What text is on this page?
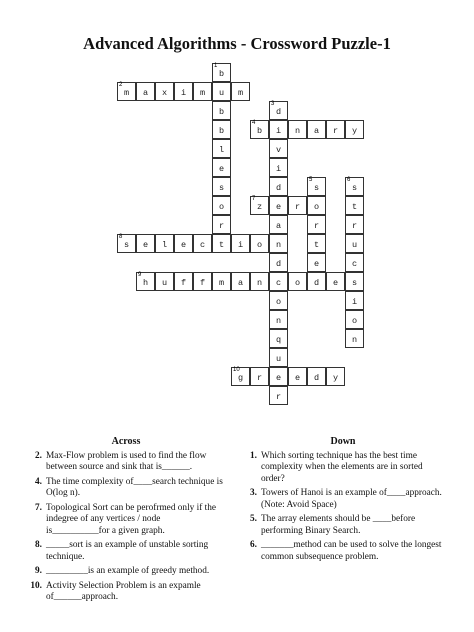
Advanced Algorithms - Crossword Puzzle-1
1
b
2
m	a	x	i	m	u	m
b
3
d
b
4
b	i	n	a	r	y
l	v
e	i
s	d
5
s
6
s
o
7
z	e	r	o	t
r	a	r	r
8
s	e	l	e	c	t	i	o	n	t	u
d	e	c
9
h	u	f	f	m	a	n	c	o	d	e	s
o	i
n	o
q	n
u
10
g	r	e	e	d	y
r
Across
2. Max-Flow problem is used to find the flow between source and sink that is______.
4. The time complexity of____search technique is O(log n).
7. Topological Sort can be perofrmed only if the indegree of any vertices / node is__________for a given graph.
8. _____sort is an example of unstable sorting technique.
9. _________is an example of greedy method.
10. Activity Selection Problem is an expamle of______approach.
Down
1. Which sorting technique has the best time complexity when the elements are in sorted order?
3. Towers of Hanoi is an example of____approach. (Note: Avoid Space)
5. The array elements should be ____before performing Binary Search.
6. _______method can be used to solve the longest common subsequence problem.
